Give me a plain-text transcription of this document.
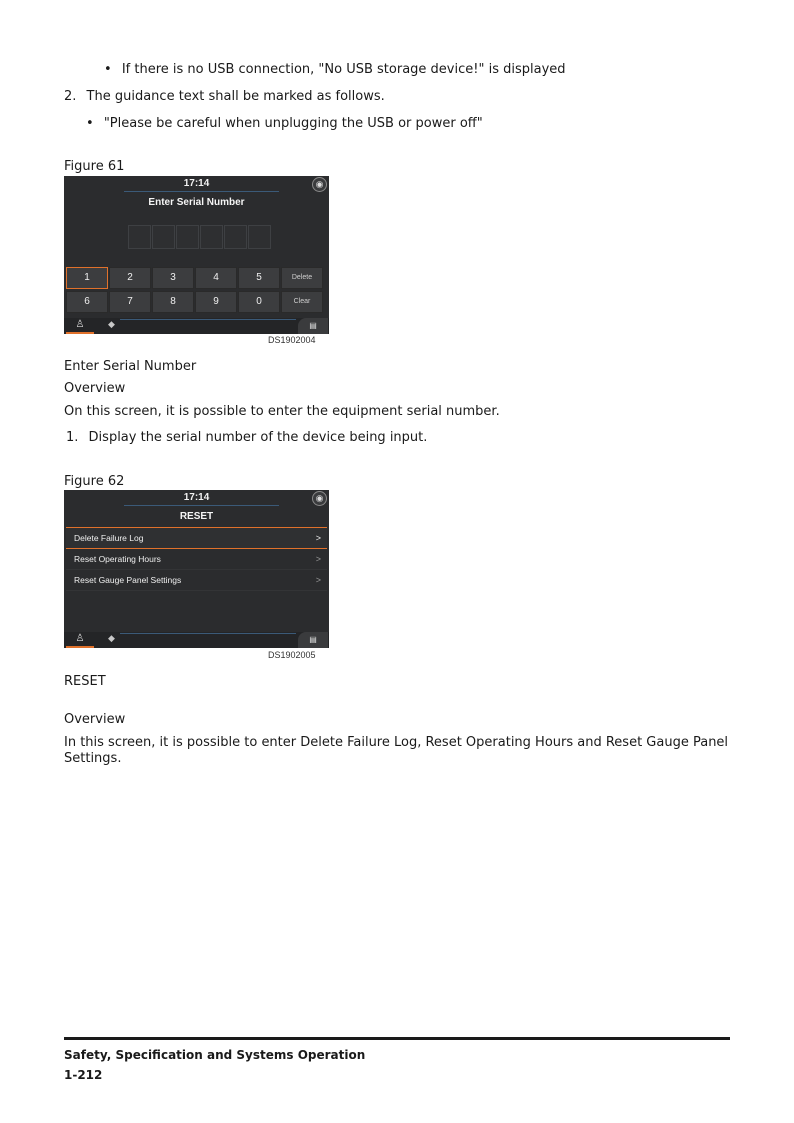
• If there is no USB connection, "No USB storage device!" is displayed
2. The guidance text shall be marked as follows.
• "Please be careful when unplugging the USB or power off"
Figure 61
17:14	◉
Enter Serial Number
1	2	3	4	5	Delete
6	7	8	9	0	Clear
♙	◆	▤
DS1902004
Enter Serial Number
Overview
On this screen, it is possible to enter the equipment serial number.
1. Display the serial number of the device being input.
Figure 62
17:14	◉
RESET
Delete Failure Log	>
Reset Operating Hours	>
Reset Gauge Panel Settings	>
♙	◆	▤
DS1902005
RESET
Overview
In this screen, it is possible to enter Delete Failure Log, Reset Operating Hours and Reset Gauge Panel Settings.
Safety, Specification and Systems Operation
1-212
